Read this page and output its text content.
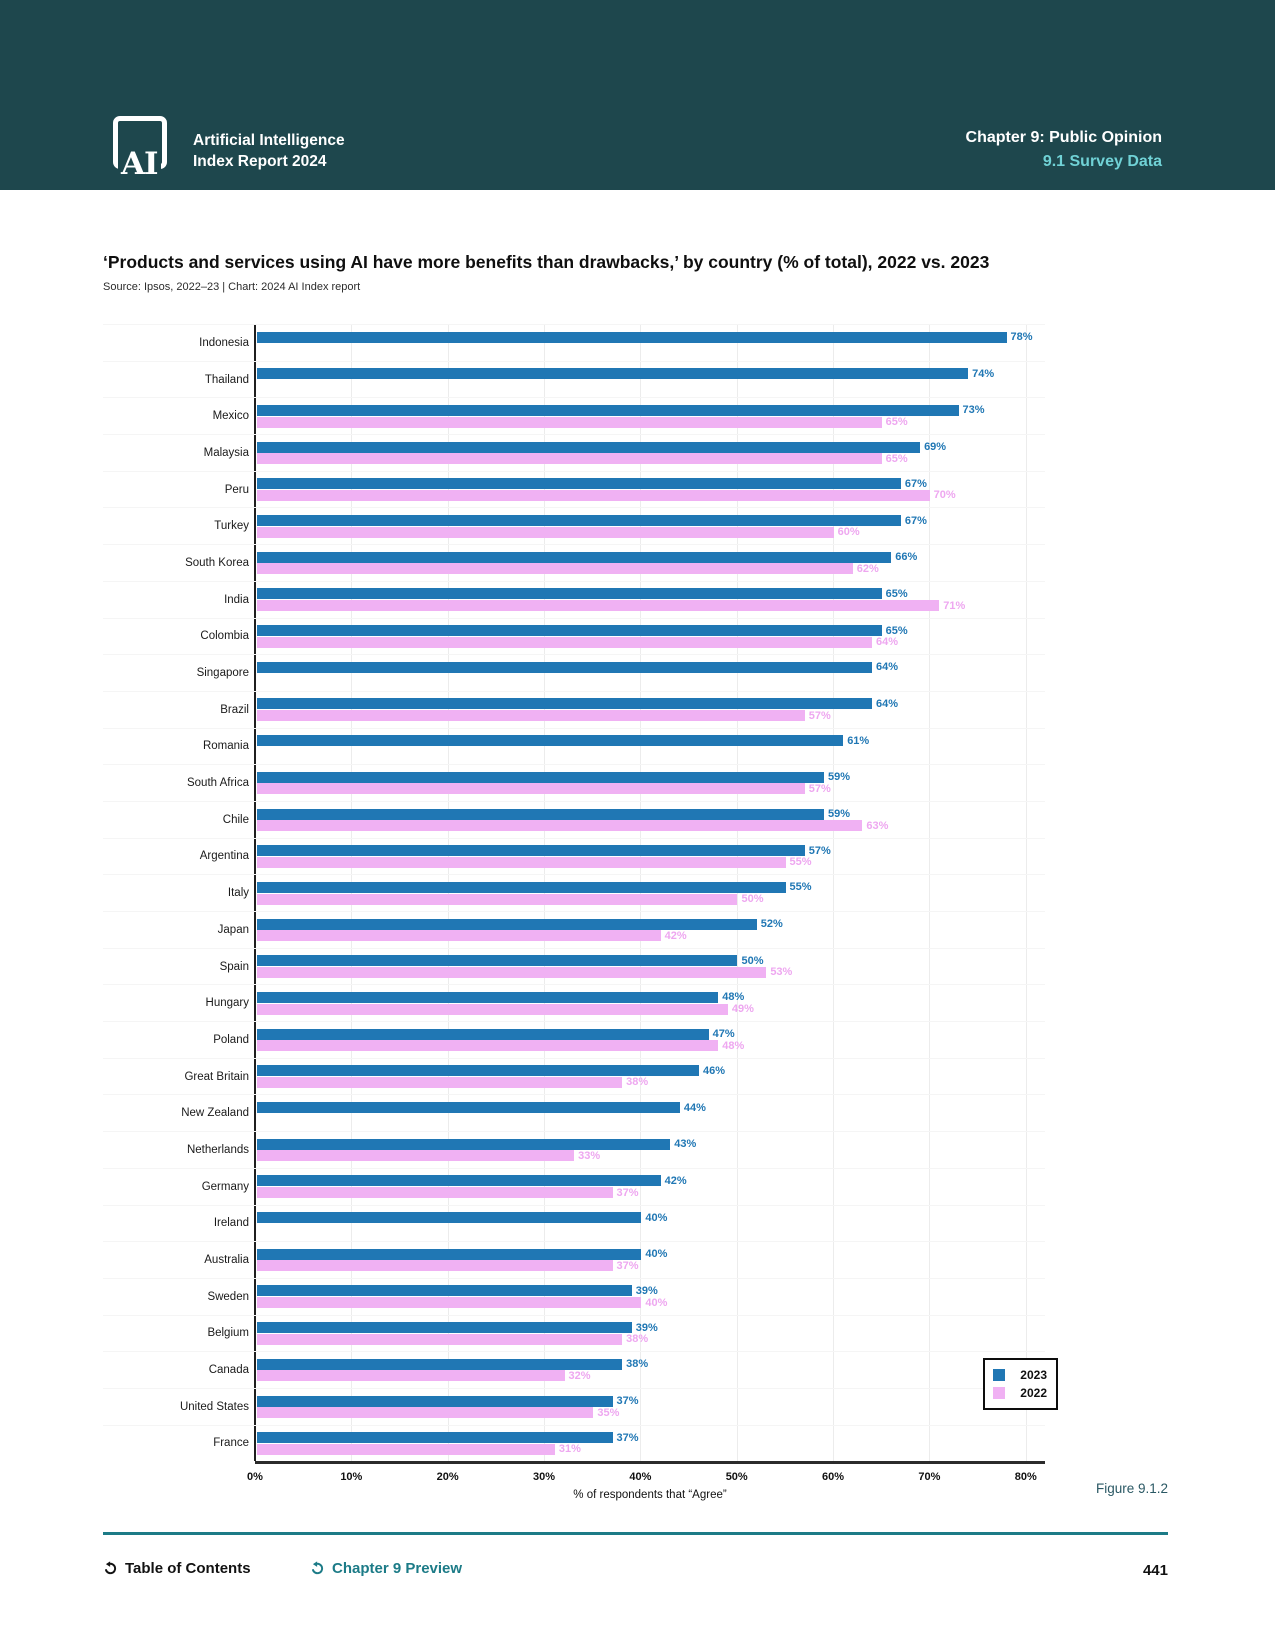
AI
Artificial Intelligence
Index Report 2024
Chapter 9: Public Opinion
9.1 Survey Data
‘Products and services using AI have more benefits than drawbacks,’ by country (% of total), 2022 vs. 2023
Source: Ipsos, 2022–23 | Chart: 2024 AI Index report
Indonesia	78%
Thailand	74%
Mexico	73%
65%
Malaysia	69%
65%
Peru	67%
70%
Turkey	67%
60%
South Korea	66%
62%
India	65%
71%
Colombia	65%
64%
Singapore	64%
Brazil	64%
57%
Romania	61%
South Africa	59%
57%
Chile	59%
63%
Argentina	57%
55%
Italy	55%
50%
Japan	52%
42%
Spain	50%
53%
Hungary	48%
49%
Poland	47%
48%
Great Britain	46%
38%
New Zealand	44%
Netherlands	43%
33%
Germany	42%
37%
Ireland	40%
Australia	40%
37%
Sweden	39%
40%
Belgium	39%
38%
Canada	38%
32%
United States	37%
35%
France	37%
31%
0%	10%	20%	30%	40%	50%	60%	70%	80%
% of respondents that “Agree”	Figure 9.1.2
2023
2022
Table of Contents	Chapter 9 Preview	441
